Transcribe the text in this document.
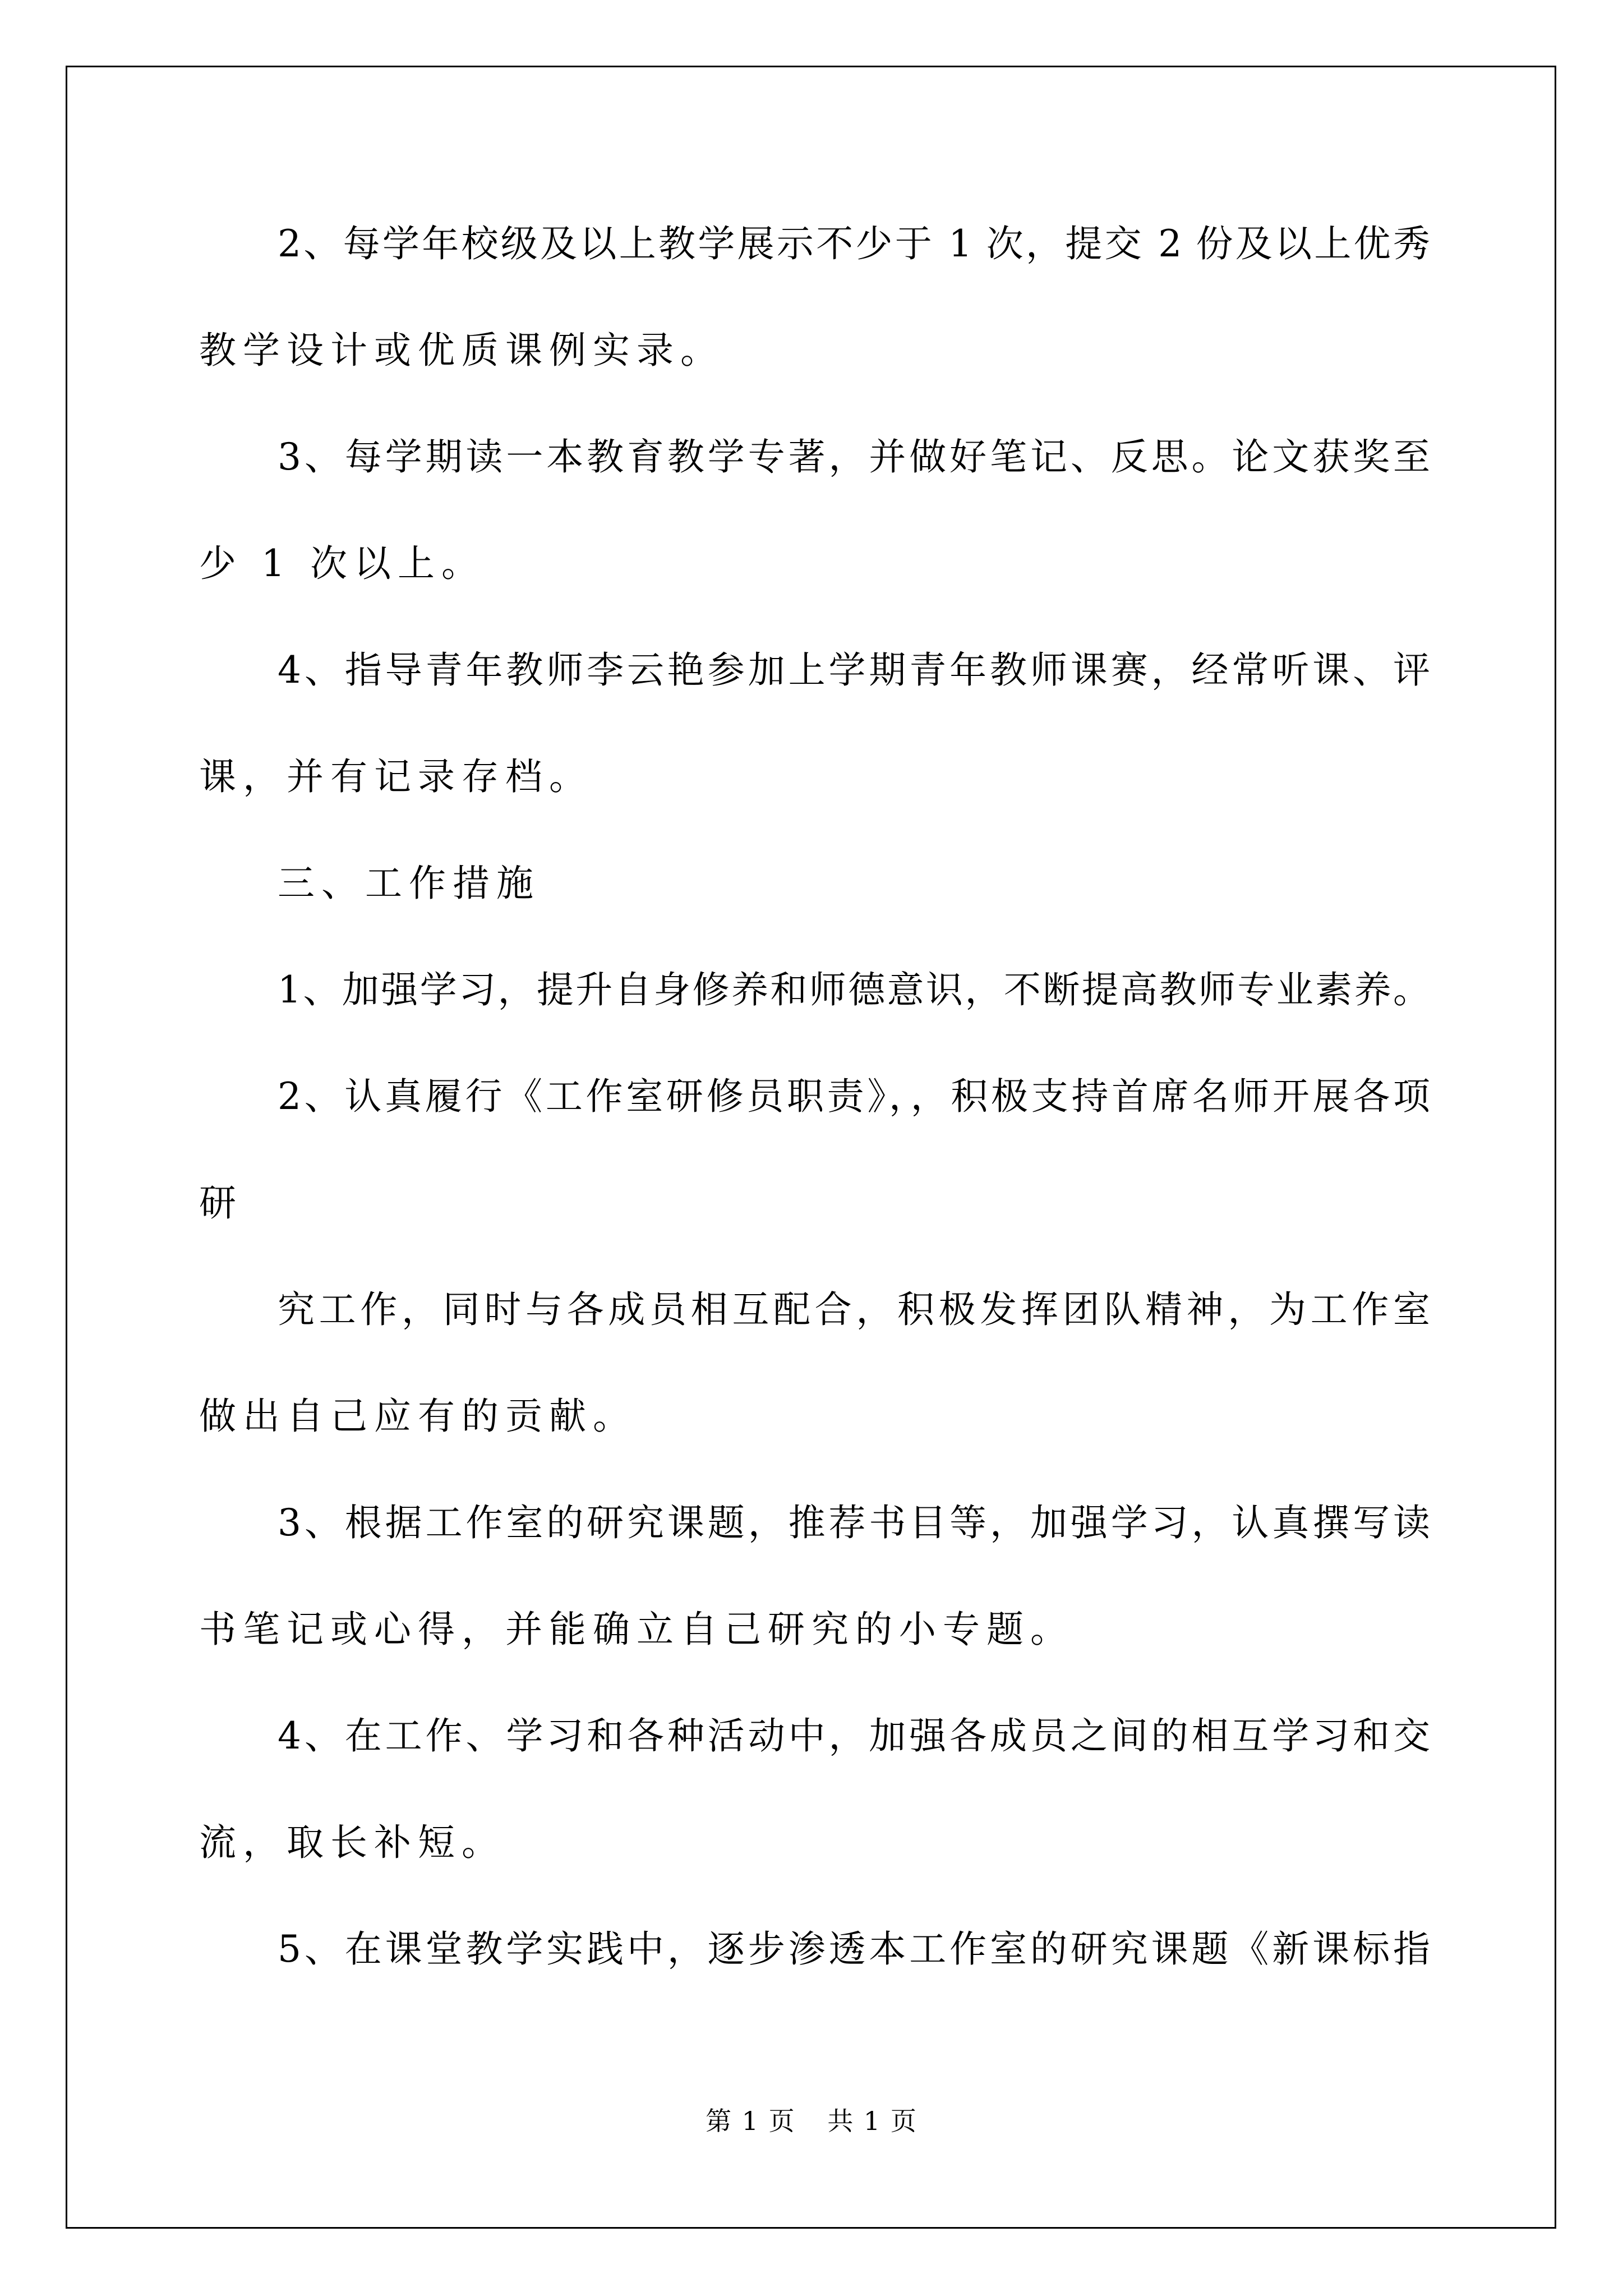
2、每学年校级及以上教学展示不少于 1 次，提交 2 份及以上优秀
教学设计或优质课例实录。
3、每学期读一本教育教学专著，并做好笔记、反思。论文获奖至
少 1 次以上。
4、指导青年教师李云艳参加上学期青年教师课赛，经常听课、评
课，并有记录存档。
三、工作措施
1、加强学习，提升自身修养和师德意识，不断提高教师专业素养。
2、认真履行《工作室研修员职责》，，积极支持首席名师开展各项
研
究工作，同时与各成员相互配合，积极发挥团队精神，为工作室
做出自己应有的贡献。
3、根据工作室的研究课题，推荐书目等，加强学习，认真撰写读
书笔记或心得，并能确立自己研究的小专题。
4、在工作、学习和各种活动中，加强各成员之间的相互学习和交
流，取长补短。
5、在课堂教学实践中，逐步渗透本工作室的研究课题《新课标指
第 1 页 共 1 页
